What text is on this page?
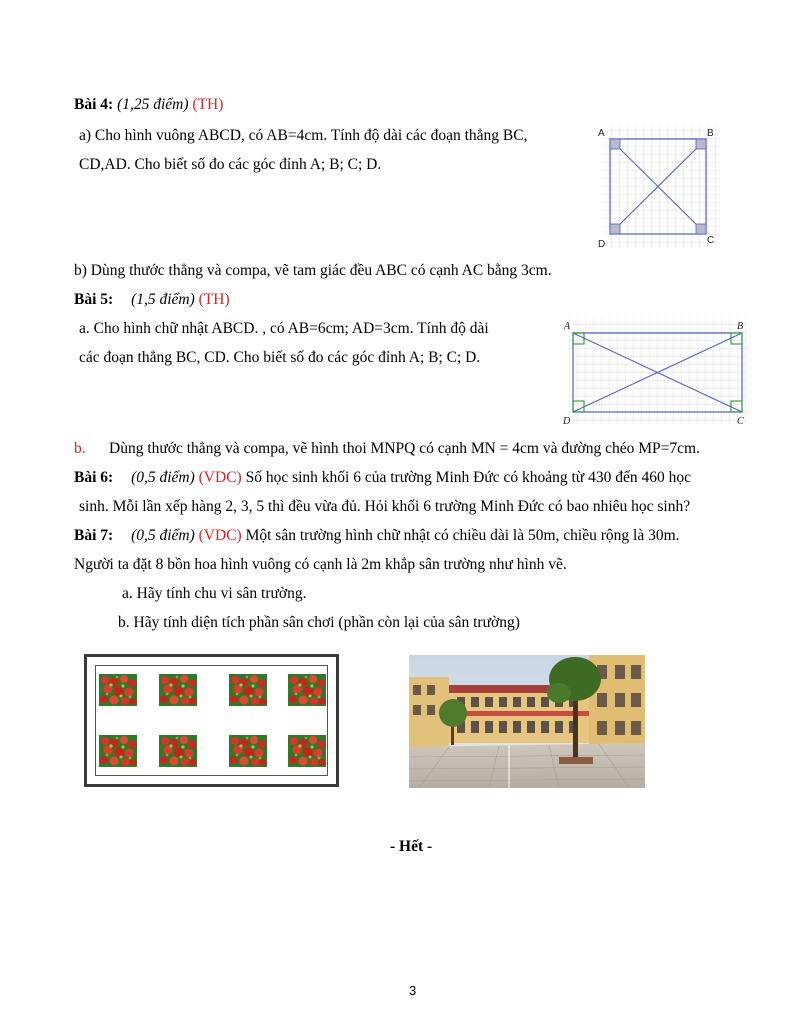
Bài 4: (1,25 điểm) (TH)
a) Cho hình vuông ABCD, có AB=4cm. Tính độ dài các đoạn thẳng BC,
CD,AD. Cho biết số đo các góc đỉnh A; B; C; D.
A	B
C
D
b) Dùng thước thẳng và compa, vẽ tam giác đều ABC có cạnh AC bằng 3cm.
Bài 5: (1,5 điểm) (TH)
a. Cho hình chữ nhật ABCD. , có AB=6cm; AD=3cm. Tính độ dài
các đoạn thẳng BC, CD. Cho biết số đo các góc đỉnh A; B; C; D.
A	B
C
D
b. Dùng thước thẳng và compa, vẽ hình thoi MNPQ có cạnh MN = 4cm và đường chéo MP=7cm.
Bài 6: (0,5 điểm) (VDC) Số học sinh khối 6 của trường Minh Đức có khoảng từ 430 đến 460 học
sinh. Mỗi lần xếp hàng 2, 3, 5 thì đều vừa đủ. Hỏi khối 6 trường Minh Đức có bao nhiêu học sinh?
Bài 7: (0,5 điểm) (VDC) Một sân trường hình chữ nhật có chiều dài là 50m, chiều rộng là 30m.
Người ta đặt 8 bồn hoa hình vuông có cạnh là 2m khắp sân trường như hình vẽ.
a. Hãy tính chu vi sân trường.
b. Hãy tính diện tích phần sân chơi (phần còn lại của sân trường)
- Hết -
3
